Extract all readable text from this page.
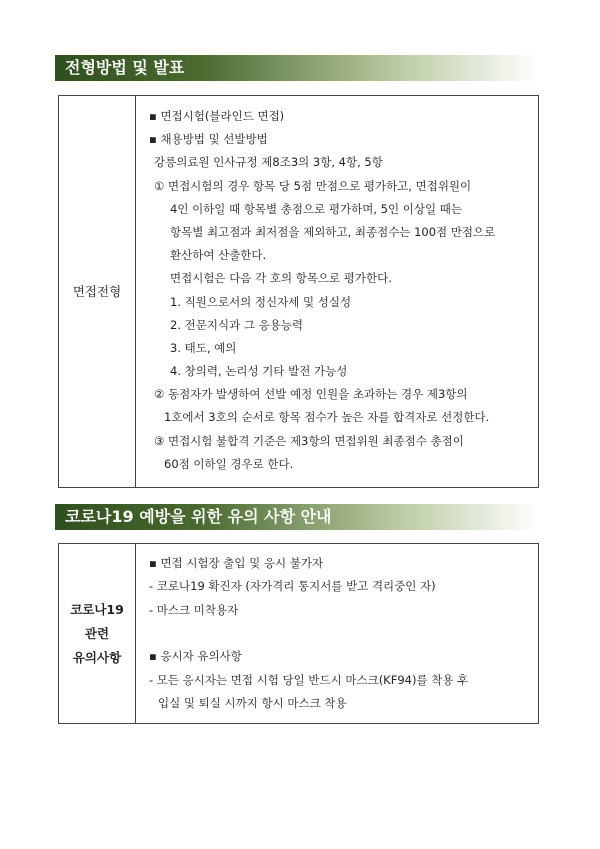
전형방법 및 발표
면접전형
▪ 면접시험(블라인드 면접)
▪ 채용방법 및 선발방법
강릉의료원 인사규정 제8조3의 3항, 4항, 5항
① 면접시험의 경우 항목 당 5점 만점으로 평가하고, 면접위원이
4인 이하일 때 항목별 총점으로 평가하며, 5인 이상일 때는
항목별 최고점과 최저점을 제외하고, 최종점수는 100점 만점으로
환산하여 산출한다.
면접시험은 다음 각 호의 항목으로 평가한다.
1. 직원으로서의 정신자세 및 성실성
2. 전문지식과 그 응용능력
3. 태도, 예의
4. 창의력, 논리성 기타 발전 가능성
② 동점자가 발생하여 선발 예정 인원을 초과하는 경우 제3항의
1호에서 3호의 순서로 항목 점수가 높은 자를 합격자로 선정한다.
③ 면접시험 불합격 기준은 제3항의 면접위원 최종점수 총점이
60점 이하일 경우로 한다.
코로나19 예방을 위한 유의 사항 안내
코로나19
관련
유의사항
▪ 면접 시험장 출입 및 응시 불가자
- 코로나19 확진자 (자가격리 통지서를 받고 격리중인 자)
- 마스크 미착용자
▪ 응시자 유의사항
- 모든 응시자는 면접 시험 당일 반드시 마스크(KF94)를 착용 후
입실 및 퇴실 시까지 항시 마스크 착용
